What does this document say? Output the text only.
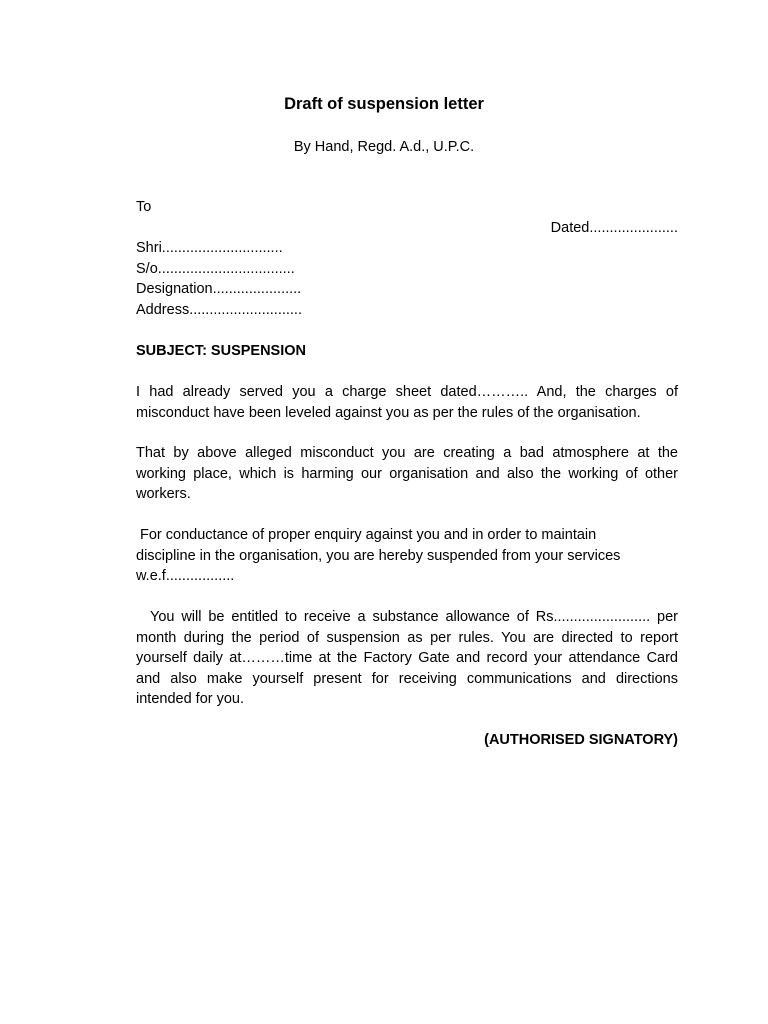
Draft of suspension letter
By Hand, Regd. A.d., U.P.C.
To
Dated......................
Shri..............................
S/o..................................
Designation......................
Address............................
SUBJECT: SUSPENSION
I had already served you a charge sheet dated……….. And, the charges of misconduct have been leveled against you as per the rules of the organisation.
That by above alleged misconduct you are creating a bad atmosphere at the working place, which is harming our organisation and also the working of other workers.
For conductance of proper enquiry against you and in order to maintain
discipline in the organisation, you are hereby suspended from your services
w.e.f.................
You will be entitled to receive a substance allowance of Rs........................ per month during the period of suspension as per rules. You are directed to report yourself daily at………time at the Factory Gate and record your attendance Card and also make yourself present for receiving communications and directions intended for you.
(AUTHORISED SIGNATORY)
